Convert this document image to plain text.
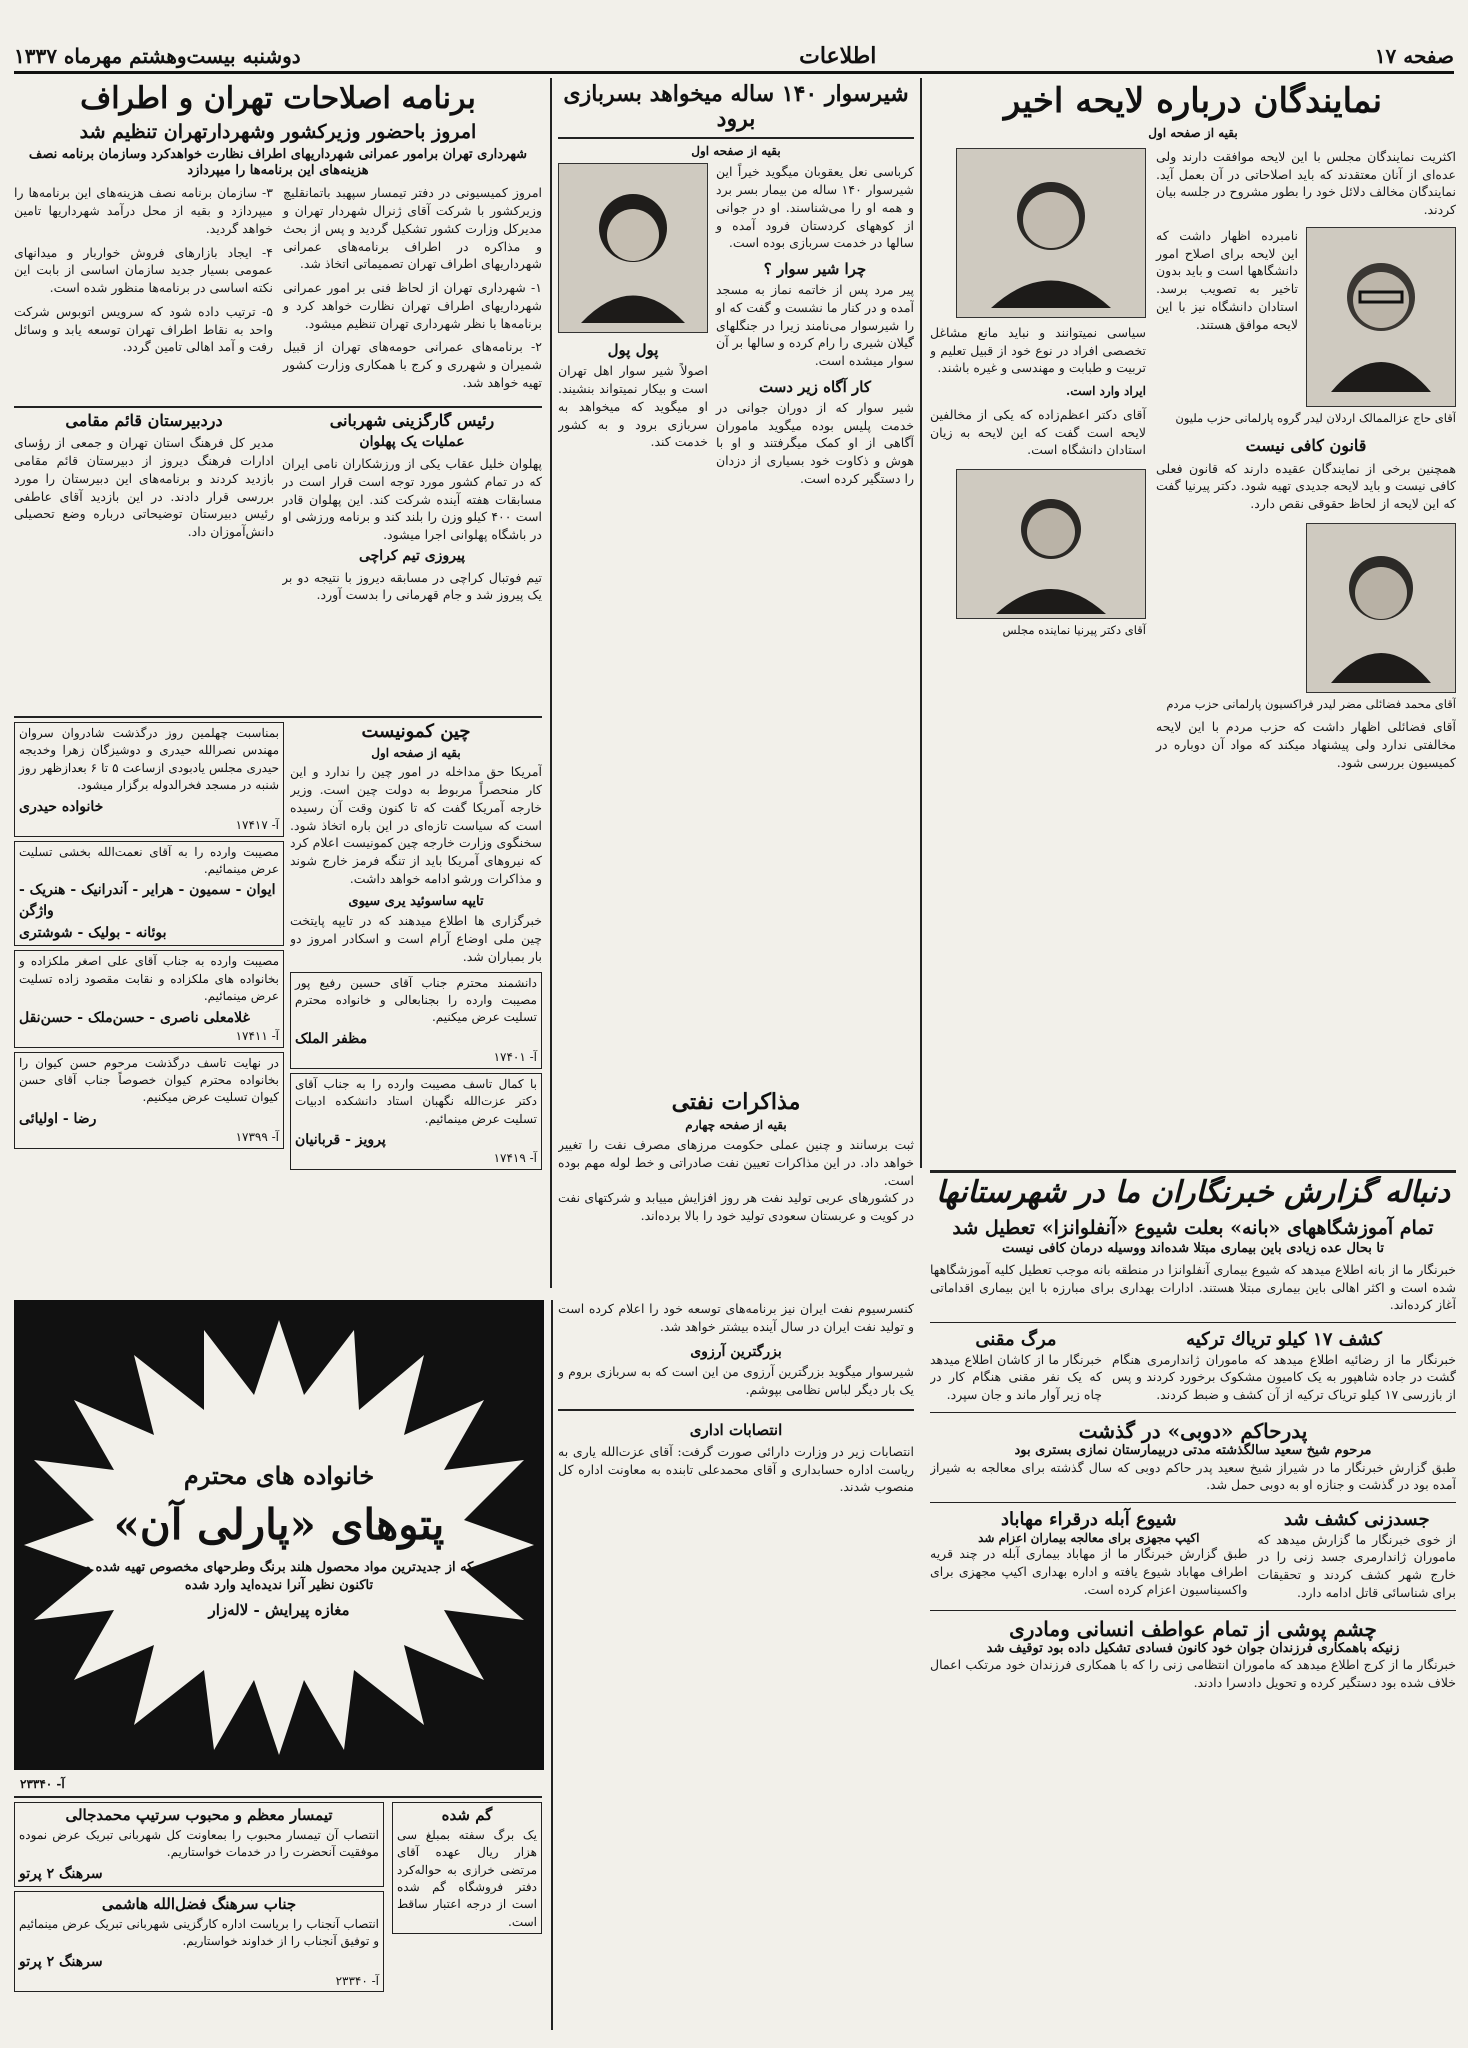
صفحه ۱۷
اطلاعات
دوشنبه بیست‌وهشتم مهرماه ۱۳۳۷
نمایندگان درباره لایحه اخیر
بقیه از صفحه اول
اکثریت نمایندگان مجلس با این لایحه موافقت دارند ولی عده‌ای از آنان معتقدند که باید اصلاحاتی در آن بعمل آید. نمایندگان مخالف دلائل خود را بطور مشروح در جلسه بیان کردند.
نامبرده اظهار داشت که این لایحه برای اصلاح امور دانشگاهها است و باید بدون تاخیر به تصویب برسد. استادان دانشگاه نیز با این لایحه موافق هستند.
آقای حاج عزالممالک اردلان لیدر گروه پارلمانی حزب ملیون
قانون کافی نیست
همچنین برخی از نمایندگان عقیده دارند که قانون فعلی کافی نیست و باید لایحه جدیدی تهیه شود. دکتر پیرنیا گفت که این لایحه از لحاظ حقوقی نقص دارد.
آقای محمد فضائلی مضر لیدر فراکسیون پارلمانی حزب مردم
آقای فضائلی اظهار داشت که حزب مردم با این لایحه مخالفتی ندارد ولی پیشنهاد میکند که مواد آن دوباره در کمیسیون بررسی شود.
سیاسی نمیتوانند و نباید مانع مشاغل تخصصی افراد در نوع خود از قبیل تعلیم و تربیت و طبابت و مهندسی و غیره باشند.
ایراد وارد است.
آقای دکتر اعظم‌زاده که یکی از مخالفین لایحه است گفت که این لایحه به زیان استادان دانشگاه است.
آقای دکتر پیرنیا نماینده مجلس
شیرسوار ۱۴۰ ساله میخواهد بسربازی برود
بقیه از صفحه اول
کرباسی نعل یعقوبان میگوید خیراً این شیرسوار ۱۴۰ ساله من بیمار بسر برد و همه او را می‌شناسند. او در جوانی از کوههای کردستان فرود آمده و سالها در خدمت سربازی بوده است.
چرا شیر سوار ؟
پیر مرد پس از خاتمه نماز به مسجد آمده و در کنار ما نشست و گفت که او را شیرسوار می‌نامند زیرا در جنگلهای گیلان شیری را رام کرده و سالها بر آن سوار میشده است.
کار آگاه زیر دست
شیر سوار که از دوران جوانی در خدمت پلیس بوده میگوید ماموران آگاهی از او کمک میگرفتند و او با هوش و ذکاوت خود بسیاری از دزدان را دستگیر کرده است.
پول پول
اصولاً شیر سوار اهل تهران است و بیکار نمیتواند بنشیند. او میگوید که میخواهد به سربازی برود و به کشور خدمت کند.
مذاکرات نفتی
بقیه از صفحه چهارم
ثبت برسانند و چنین عملی حکومت مرزهای مصرف نفت را تغییر خواهد داد. در این مذاکرات تعیین نفت صادراتی و خط لوله مهم بوده است.
در کشورهای عربی تولید نفت هر روز افزایش مییابد و شرکتهای نفت در کویت و عربستان سعودی تولید خود را بالا برده‌اند.
برنامه اصلاحات تهران و اطراف
امروز باحضور وزیرکشور وشهردارتهران تنظیم شد
شهرداری تهران برامور عمرانی شهرداریهای اطراف نظارت خواهدکرد وسازمان برنامه نصف هزینه‌های این برنامه‌ها را میپردازد

امروز کمیسیونی در دفتر تیمسار سپهبد باتمانقلیچ وزیرکشور با شرکت آقای ژنرال شهردار تهران و مدیرکل وزارت کشور تشکیل گردید و پس از بحث و مذاکره در اطراف برنامه‌های عمرانی شهرداریهای اطراف تهران تصمیماتی اتخاذ شد.

۱- شهرداری تهران از لحاظ فنی بر امور عمرانی شهرداریهای اطراف تهران نظارت خواهد کرد و برنامه‌ها با نظر شهرداری تهران تنظیم میشود.

۲- برنامه‌های عمرانی حومه‌های تهران از قبیل شمیران و شهرری و کرج با همکاری وزارت کشور تهیه خواهد شد.

۳- سازمان برنامه نصف هزینه‌های این برنامه‌ها را میپردازد و بقیه از محل درآمد شهرداریها تامین خواهد گردید.

۴- ایجاد بازارهای فروش خواربار و میدانهای عمومی بسیار جدید سازمان اساسی از بابت این نکته اساسی در برنامه‌ها منظور شده است.

۵- ترتیب داده شود که سرویس اتوبوس شرکت واحد به نقاط اطراف تهران توسعه یابد و وسائل رفت و آمد اهالی تامین گردد.

دردبیرستان قائم مقامی
مدیر کل فرهنگ استان تهران و جمعی از رؤسای ادارات فرهنگ دیروز از دبیرستان قائم مقامی بازدید کردند و برنامه‌های این دبیرستان را مورد بررسی قرار دادند. در این بازدید آقای عاطفی رئیس دبیرستان توضیحاتی درباره وضع تحصیلی دانش‌آموزان داد.
رئیس گارگزینی شهربانی
عملیات یک پهلوان
پهلوان خلیل عقاب یکی از ورزشکاران نامی ایران که در تمام کشور مورد توجه است قرار است در مسابقات هفته آینده شرکت کند. این پهلوان قادر است ۴۰۰ کیلو وزن را بلند کند و برنامه ورزشی او در باشگاه پهلوانی اجرا میشود.
پیروزی تیم کراچی
تیم فوتبال کراچی در مسابقه دیروز با نتیجه دو بر یک پیروز شد و جام قهرمانی را بدست آورد.
بمناسبت چهلمین روز درگذشت شادروان سروان مهندس نصرالله حیدری و دوشیزگان زهرا وخدیجه حیدری مجلس یادبودی ازساعت ۵ تا ۶ بعدازظهر روز شنبه در مسجد فخرالدوله برگزار میشود.
خانواده حیدری
آ- ۱۷۴۱۷
مصیبت وارده را به آقای نعمت‌الله بخشی تسلیت عرض مینمائیم.
ایوان - سمیون - هرایر - آندرانیک - هنریک - واژگن
بوئانه - بولیک - شوشتری
مصیبت وارده به جناب آقای علی اصغر ملکزاده و بخانواده های ملکزاده و نقابت مقصود زاده تسلیت عرض مینمائیم.
غلامعلی ناصری - حسن‌ملک - حسن‌نقل
آ- ۱۷۴۱۱
در نهایت تاسف درگذشت مرحوم حسن کیوان را بخانواده محترم کیوان خصوصاً جناب آقای حسن کیوان تسلیت عرض میکنیم.
رضا - اولیائی
آ- ۱۷۳۹۹
چین کمونیست
بقیه از صفحه اول
آمریکا حق مداخله در امور چین را ندارد و این کار منحصراً مربوط به دولت چین است. وزیر خارجه آمریکا گفت که تا کنون وقت آن رسیده است که سیاست تازه‌ای در این باره اتخاذ شود. سخنگوی وزارت خارجه چین کمونیست اعلام کرد که نیروهای آمریکا باید از تنگه فرمز خارج شوند و مذاکرات ورشو ادامه خواهد داشت.
تایپه ساسوئید یری سیوی
خبرگزاری ها اطلاع میدهند که در تایپه پایتخت چین ملی اوضاع آرام است و اسکادر امروز دو بار بمباران شد.
دانشمند محترم جناب آقای حسین رفیع پور مصیبت وارده را بجنابعالی و خانواده محترم تسلیت عرض میکنیم.
مظفر الملک
آ- ۱۷۴۰۱
با کمال تاسف مصیبت وارده را به جناب آقای دکتر عزت‌الله نگهبان استاد دانشکده ادبیات تسلیت عرض مینمائیم.
پرویز - قربانیان
آ- ۱۷۴۱۹
خانواده های محترم
پتوهای «پارلی آن»
که از جدیدترین مواد محصول هلند برنگ وطرحهای مخصوص تهیه شده و تاکنون نظیر آنرا ندیده‌اید وارد شده
مغازه پیرایش - لاله‌زار
آ- ۲۳۳۴۰
تیمسار معظم و محبوب سرتیپ محمدجالی
انتصاب آن تیمسار محبوب را بمعاونت کل شهربانی تبریک عرض نموده موفقیت آنحضرت را در خدمات خواستاریم.
سرهنگ ۲ پرتو
جناب سرهنگ فضل‌الله هاشمی
انتصاب آنجناب را بریاست اداره کارگزینی شهربانی تبریک عرض مینمائیم و توفیق آنجناب را از خداوند خواستاریم.
سرهنگ ۲ پرتو
آ- ۲۳۳۴۰
گم شده
یک برگ سفته بمبلغ سی هزار ریال عهده آقای مرتضی خرازی به حواله‌کرد دفتر فروشگاه گم شده است از درجه اعتبار ساقط است.
کنسرسیوم نفت ایران نیز برنامه‌های توسعه خود را اعلام کرده است و تولید نفت ایران در سال آینده بیشتر خواهد شد.
بزرگترین آرزوی
شیرسوار میگوید بزرگترین آرزوی من این است که به سربازی بروم و یک بار دیگر لباس نظامی بپوشم.
انتصابات اداری
انتصابات زیر در وزارت دارائی صورت گرفت: آقای عزت‌الله یاری به ریاست اداره حسابداری و آقای محمدعلی تابنده به معاونت اداره کل منصوب شدند.
دنباله گزارش خبرنگاران ما در شهرستانها
تمام آموزشگاههای «بانه» بعلت شیوع «آنفلوانزا» تعطیل شد
تا بحال عده زیادی باین بیماری مبتلا شده‌اند ووسیله درمان کافی نیست
خبرنگار ما از بانه اطلاع میدهد که شیوع بیماری آنفلوانزا در منطقه بانه موجب تعطیل کلیه آموزشگاهها شده است و اکثر اهالی باین بیماری مبتلا هستند. ادارات بهداری برای مبارزه با این بیماری اقداماتی آغاز کرده‌اند.
کشف ۱۷ کیلو تریاك ترکیه
خبرنگار ما از رضائیه اطلاع میدهد که ماموران ژاندارمری هنگام گشت در جاده شاهپور به یک کامیون مشکوک برخورد کردند و پس از بازرسی ۱۷ کیلو تریاک ترکیه از آن کشف و ضبط کردند.
مرگ مقنی
خبرنگار ما از کاشان اطلاع میدهد که یک نفر مقنی هنگام کار در چاه زیر آوار ماند و جان سپرد.
پدرحاکم «دوبی» در گذشت
مرحوم شیخ سعید سالگذشته مدتی دربیمارستان نمازی بستری بود
طبق گزارش خبرنگار ما در شیراز شیخ سعید پدر حاکم دوبی که سال گذشته برای معالجه به شیراز آمده بود در گذشت و جنازه او به دوبی حمل شد.
جسدزنی کشف شد
از خوی خبرنگار ما گزارش میدهد که ماموران ژاندارمری جسد زنی را در خارج شهر کشف کردند و تحقیقات برای شناسائی قاتل ادامه دارد.
شیوع آبله درقراء مهاباد
اکیپ مجهزی برای معالجه بیماران اعزام شد
طبق گزارش خبرنگار ما از مهاباد بیماری آبله در چند قریه اطراف مهاباد شیوع یافته و اداره بهداری اکیپ مجهزی برای واکسیناسیون اعزام کرده است.
چشم پوشی از تمام عواطف انسانی ومادری
زنیکه باهمکاری فرزندان جوان خود کانون فسادی تشکیل داده بود توقیف شد
خبرنگار ما از کرج اطلاع میدهد که ماموران انتظامی زنی را که با همکاری فرزندان خود مرتکب اعمال خلاف شده بود دستگیر کرده و تحویل دادسرا دادند.
